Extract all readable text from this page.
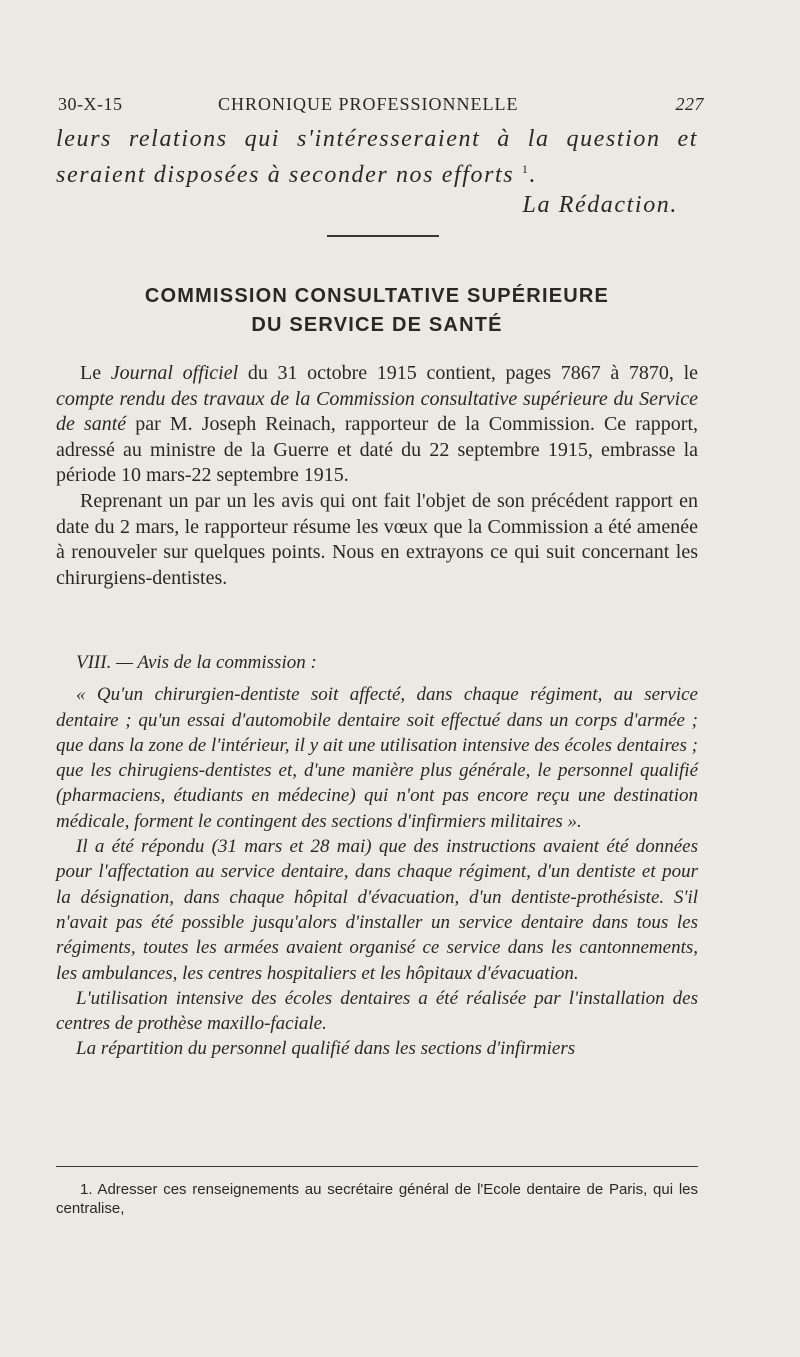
30-X-15	CHRONIQUE PROFESSIONNELLE	227

leurs relations qui s'intéresseraient à la question et seraient disposées à seconder nos efforts $^1$.

La Rédaction.

COMMISSION CONSULTATIVE SUPÉRIEURE
DU SERVICE DE SANTÉ

Le Journal officiel du 31 octobre 1915 contient, pages 7867 à 7870, le compte rendu des travaux de la Commission consultative supérieure du Service de santé par M. Joseph Reinach, rapporteur de la Commission. Ce rapport, adressé au ministre de la Guerre et daté du 22 septembre 1915, embrasse la période 10 mars-22 septembre 1915.

Reprenant un par un les avis qui ont fait l'objet de son précédent rapport en date du 2 mars, le rapporteur résume les vœux que la Commission a été amenée à renouveler sur quelques points. Nous en extrayons ce qui suit concernant les chirurgiens-dentistes.

VIII. — Avis de la commission :

« Qu'un chirurgien-dentiste soit affecté, dans chaque régiment, au service dentaire ; qu'un essai d'automobile dentaire soit effectué dans un corps d'armée ; que dans la zone de l'intérieur, il y ait une utilisation intensive des écoles dentaires ; que les chirugiens-dentistes et, d'une manière plus générale, le personnel qualifié (pharmaciens, étudiants en médecine) qui n'ont pas encore reçu une destination médicale, forment le contingent des sections d'infirmiers militaires ».

Il a été répondu (31 mars et 28 mai) que des instructions avaient été données pour l'affectation au service dentaire, dans chaque régiment, d'un dentiste et pour la désignation, dans chaque hôpital d'évacuation, d'un dentiste-prothésiste. S'il n'avait pas été possible jusqu'alors d'installer un service dentaire dans tous les régiments, toutes les armées avaient organisé ce service dans les cantonnements, les ambulances, les centres hospitaliers et les hôpitaux d'évacuation.

L'utilisation intensive des écoles dentaires a été réalisée par l'installation des centres de prothèse maxillo-faciale.

La répartition du personnel qualifié dans les sections d'infirmiers

1. Adresser ces renseignements au secrétaire général de l'Ecole dentaire de Paris, qui les centralise,
